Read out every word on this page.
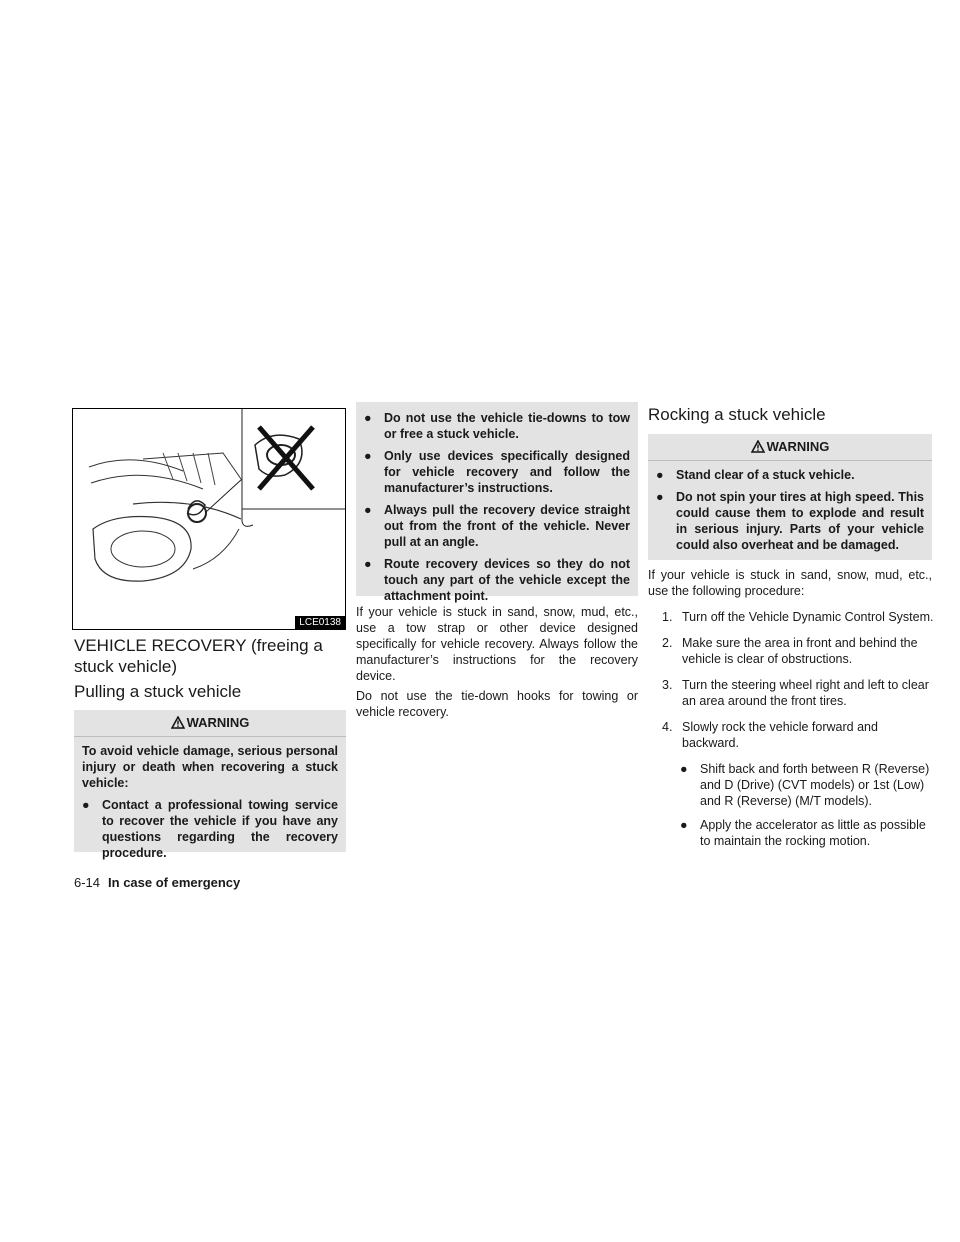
LCE0138
VEHICLE RECOVERY (freeing a stuck vehicle)
Pulling a stuck vehicle
WARNING
To avoid vehicle damage, serious personal injury or death when recovering a stuck vehicle:
● Contact a professional towing service to recover the vehicle if you have any questions regarding the recovery procedure.
● Do not use the vehicle tie-downs to tow or free a stuck vehicle.
● Only use devices specifically designed for vehicle recovery and follow the manufacturer’s instructions.
● Always pull the recovery device straight out from the front of the vehicle. Never pull at an angle.
● Route recovery devices so they do not touch any part of the vehicle except the attachment point.
If your vehicle is stuck in sand, snow, mud, etc., use a tow strap or other device designed specifically for vehicle recovery. Always follow the manufacturer’s instructions for the recovery device.
Do not use the tie-down hooks for towing or vehicle recovery.
Rocking a stuck vehicle
WARNING
● Stand clear of a stuck vehicle.
● Do not spin your tires at high speed. This could cause them to explode and result in serious injury. Parts of your vehicle could also overheat and be damaged.
If your vehicle is stuck in sand, snow, mud, etc., use the following procedure:
1. Turn off the Vehicle Dynamic Control System.
2. Make sure the area in front and behind the vehicle is clear of obstructions.
3. Turn the steering wheel right and left to clear an area around the front tires.
4. Slowly rock the vehicle forward and backward.
● Shift back and forth between R (Reverse) and D (Drive) (CVT models) or 1st (Low) and R (Reverse) (M/T models).
● Apply the accelerator as little as possible to maintain the rocking motion.
6-14 In case of emergency
